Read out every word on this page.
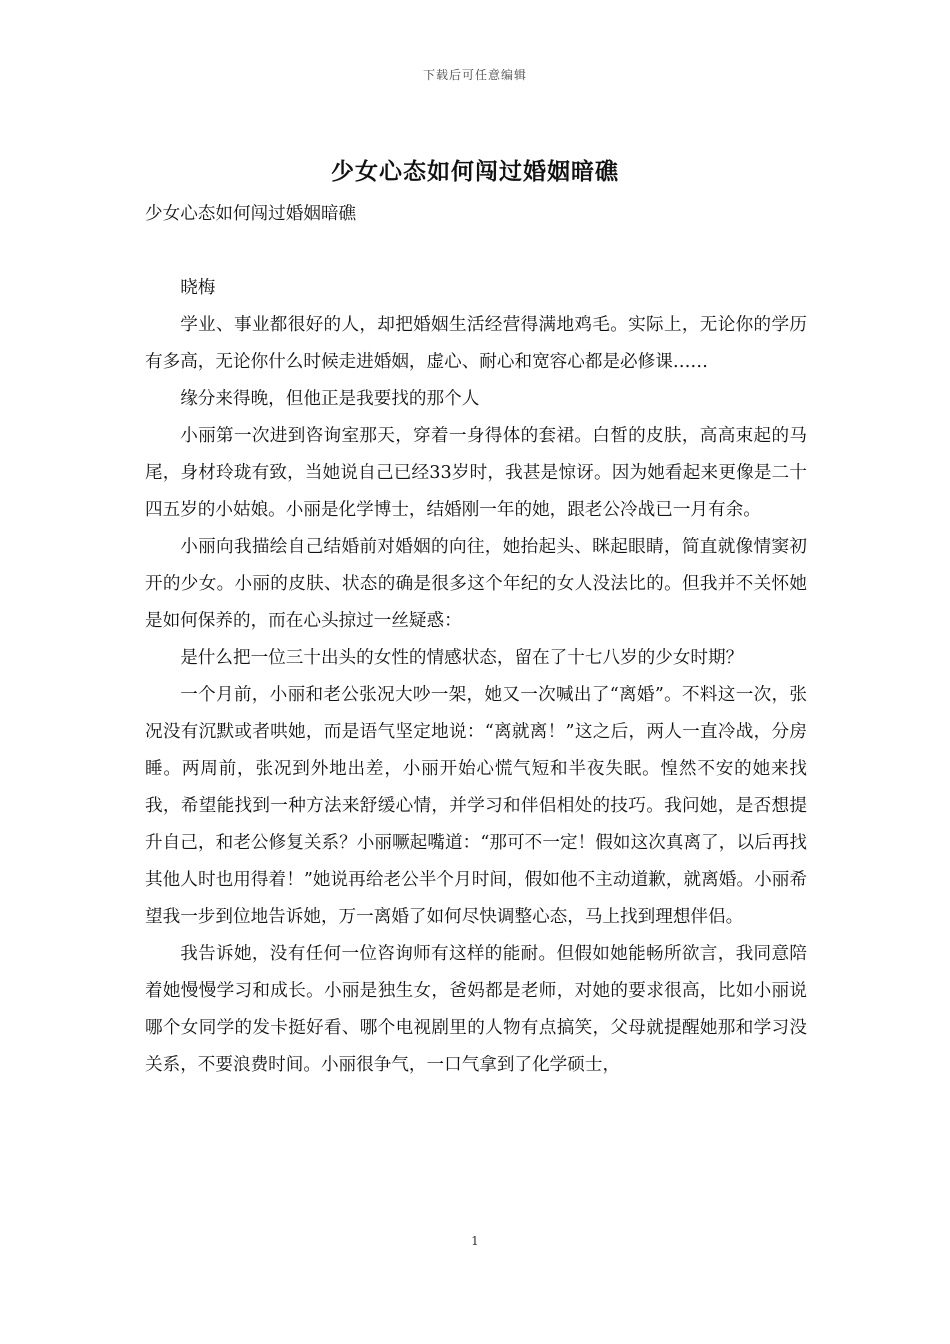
下载后可任意编辑
少女心态如何闯过婚姻暗礁

少女心态如何闯过婚姻暗礁

晓梅

学业、事业都很好的人，却把婚姻生活经营得满地鸡毛。实际上，无论你的学历有多高，无论你什么时候走进婚姻，虚心、耐心和宽容心都是必修课……

缘分来得晚，但他正是我要找的那个人

小丽第一次进到咨询室那天，穿着一身得体的套裙。白皙的皮肤，高高束起的马尾，身材玲珑有致，当她说自己已经33岁时，我甚是惊讶。因为她看起来更像是二十四五岁的小姑娘。小丽是化学博士，结婚刚一年的她，跟老公冷战已一月有余。

小丽向我描绘自己结婚前对婚姻的向往，她抬起头、眯起眼睛，简直就像情窦初开的少女。小丽的皮肤、状态的确是很多这个年纪的女人没法比的。但我并不关怀她是如何保养的，而在心头掠过一丝疑惑：

是什么把一位三十出头的女性的情感状态，留在了十七八岁的少女时期？

一个月前，小丽和老公张况大吵一架，她又一次喊出了“离婚”。不料这一次，张况没有沉默或者哄她，而是语气坚定地说：“离就离！”这之后，两人一直冷战，分房睡。两周前，张况到外地出差，小丽开始心慌气短和半夜失眠。惶然不安的她来找我，希望能找到一种方法来舒缓心情，并学习和伴侣相处的技巧。我问她，是否想提升自己，和老公修复关系？小丽噘起嘴道：“那可不一定！假如这次真离了，以后再找其他人时也用得着！”她说再给老公半个月时间，假如他不主动道歉，就离婚。小丽希望我一步到位地告诉她，万一离婚了如何尽快调整心态，马上找到理想伴侣。

我告诉她，没有任何一位咨询师有这样的能耐。但假如她能畅所欲言，我同意陪着她慢慢学习和成长。小丽是独生女，爸妈都是老师，对她的要求很高，比如小丽说哪个女同学的发卡挺好看、哪个电视剧里的人物有点搞笑，父母就提醒她那和学习没关系，不要浪费时间。小丽很争气，一口气拿到了化学硕士，

1
